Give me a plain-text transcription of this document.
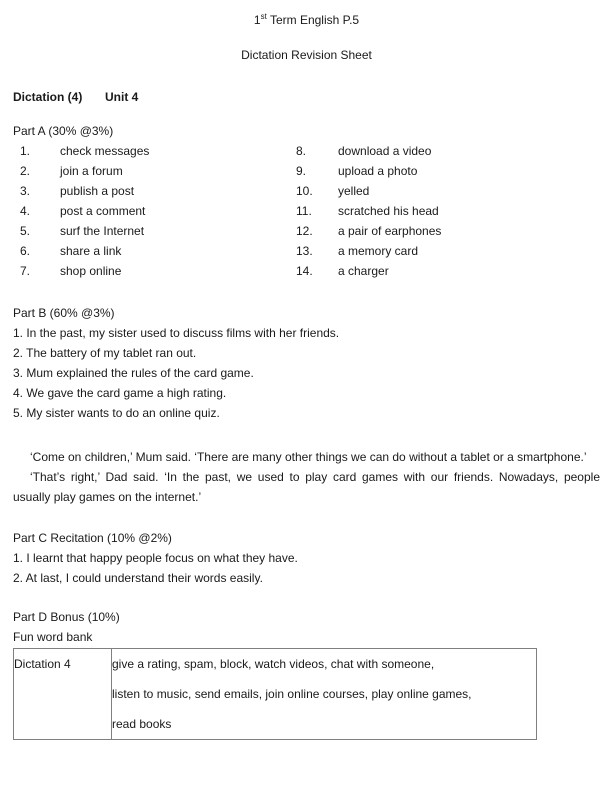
1st Term English P.5
Dictation Revision Sheet
Dictation (4) Unit 4
Part A (30% @3%)
1.	check messages	8.	download a video
2.	join a forum	9.	upload a photo
3.	publish a post	10.	yelled
4.	post a comment	11.	scratched his head
5.	surf the Internet	12.	a pair of earphones
6.	share a link	13.	a memory card
7.	shop online	14.	a charger
Part B (60% @3%)
1. In the past, my sister used to discuss films with her friends.
2. The battery of my tablet ran out.
3. Mum explained the rules of the card game.
4. We gave the card game a high rating.
5. My sister wants to do an online quiz.

‘Come on children,’ Mum said. ‘There are many other things we can do without a tablet or a smartphone.’

‘That’s right,’ Dad said. ‘In the past, we used to play card games with our friends. Nowadays, people usually play games on the internet.’

Part C Recitation (10% @2%)
1. I learnt that happy people focus on what they have.
2. At last, I could understand their words easily.
Part D Bonus (10%)
Fun word bank
Dictation 4	give a rating, spam, block, watch videos, chat with someone,
listen to music, send emails, join online courses, play online games,
read books
